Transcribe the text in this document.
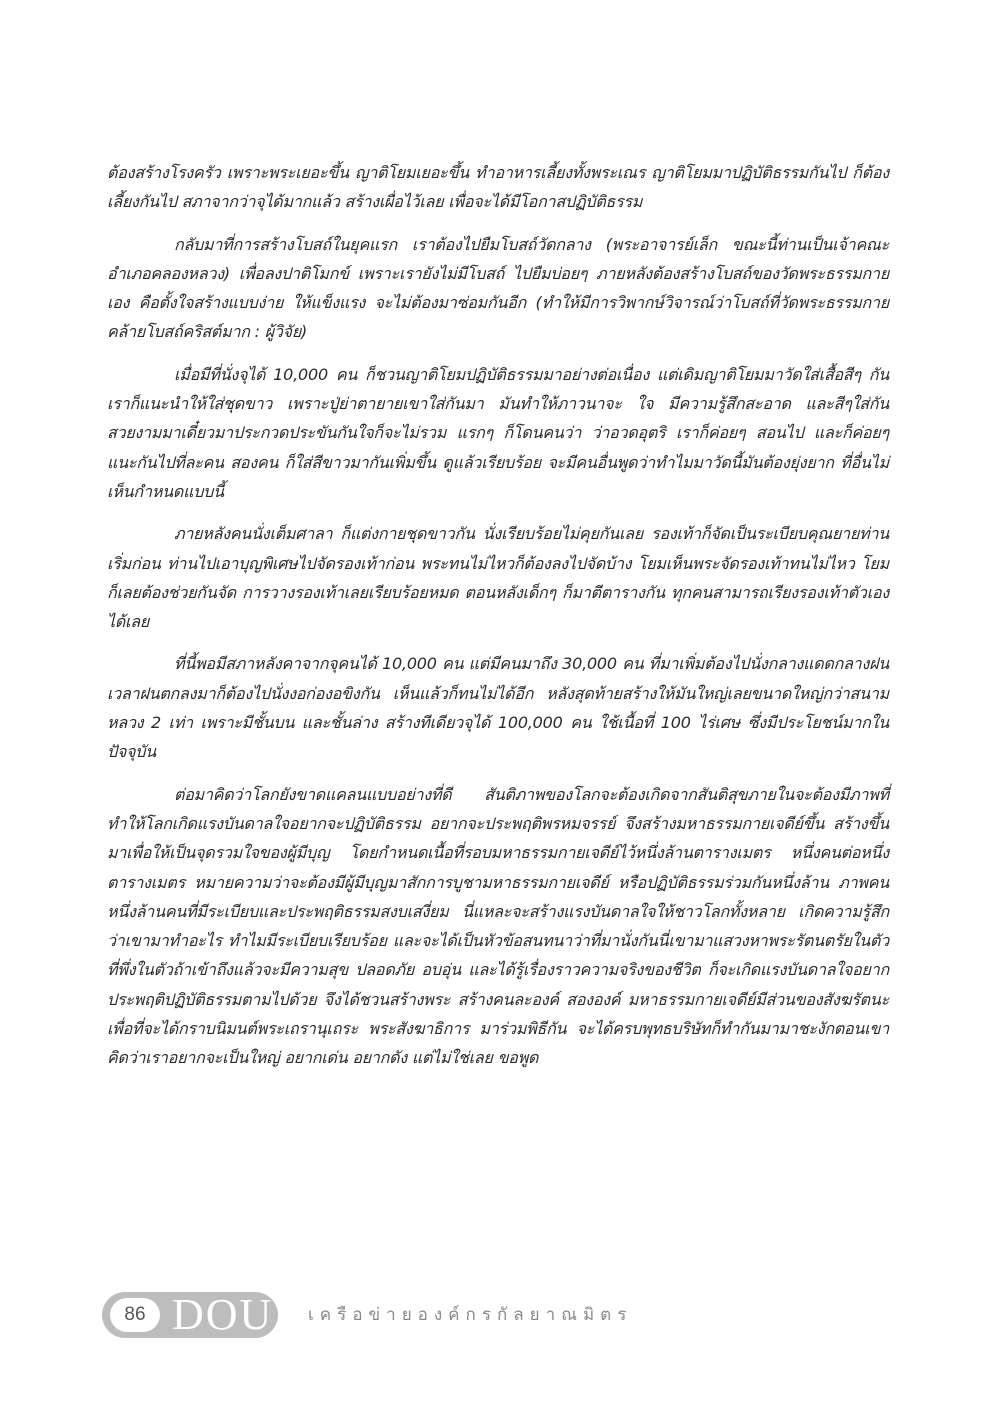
ต้องสร้างโรงครัว เพราะพระเยอะขึ้น ญาติโยมเยอะขึ้น ทำอาหารเลี้ยงทั้งพระเณร ญาติโยมมาปฏิบัติธรรมกันไป ก็ต้องเลี้ยงกันไป สภาจากว่าจุได้มากแล้ว สร้างเผื่อไว้เลย เพื่อจะได้มีโอกาสปฏิบัติธรรม

กลับมาที่การสร้างโบสถ์ในยุคแรก เราต้องไปยืมโบสถ์วัดกลาง (พระอาจารย์เล็ก ขณะนี้ท่านเป็นเจ้าคณะอำเภอคลองหลวง) เพื่อลงปาติโมกข์ เพราะเรายังไม่มีโบสถ์ ไปยืมบ่อยๆ ภายหลังต้องสร้างโบสถ์ของวัดพระธรรมกายเอง คือตั้งใจสร้างแบบง่าย ให้แข็งแรง จะไม่ต้องมาซ่อมกันอีก (ทำให้มีการวิพากษ์วิจารณ์ว่าโบสถ์ที่วัดพระธรรมกายคล้ายโบสถ์คริสต์มาก : ผู้วิจัย)

เมื่อมีที่นั่งจุได้ 10,000 คน ก็ชวนญาติโยมปฏิบัติธรรมมาอย่างต่อเนื่อง แต่เดิมญาติโยมมาวัดใส่เสื้อสีๆ กันเราก็แนะนำให้ใส่ชุดขาว เพราะปู่ย่าตายายเขาใส่กันมา มันทำให้ภาวนาจะ ใจ มีความรู้สึกสะอาด และสีๆใส่กันสวยงามมาเดี๋ยวมาประกวดประขันกันใจก็จะไม่รวม แรกๆ ก็โดนคนว่า ว่าอวดอุตริ เราก็ค่อยๆ สอนไป และก็ค่อยๆ แนะกันไปที่ละคน สองคน ก็ใส่สีขาวมากันเพิ่มขึ้น ดูแล้วเรียบร้อย จะมีคนอื่นพูดว่าทำไมมาวัดนี้มันต้องยุ่งยาก ที่อื่นไม่เห็นกำหนดแบบนี้

ภายหลังคนนั่งเต็มศาลา ก็แต่งกายชุดขาวกัน นั่งเรียบร้อยไม่คุยกันเลย รองเท้าก็จัดเป็นระเบียบคุณยายท่านเริ่มก่อน ท่านไปเอาบุญพิเศษไปจัดรองเท้าก่อน พระทนไม่ไหวก็ต้องลงไปจัดบ้าง โยมเห็นพระจัดรองเท้าทนไม่ไหว โยมก็เลยต้องช่วยกันจัด การวางรองเท้าเลยเรียบร้อยหมด ตอนหลังเด็กๆ ก็มาตีตารางกัน ทุกคนสามารถเรียงรองเท้าตัวเองได้เลย

ที่นี้พอมีสภาหลังคาจากจุคนได้ 10,000 คน แต่มีคนมาถึง 30,000 คน ที่มาเพิ่มต้องไปนั่งกลางแดดกลางฝน เวลาฝนตกลงมาก็ต้องไปนั่งงอก่องอขิงกัน เห็นแล้วก็ทนไม่ได้อีก หลังสุดท้ายสร้างให้มันใหญ่เลยขนาดใหญ่กว่าสนามหลวง 2 เท่า เพราะมีชั้นบน และชั้นล่าง สร้างทีเดียวจุได้ 100,000 คน ใช้เนื้อที่ 100 ไร่เศษ ซึ่งมีประโยชน์มากในปัจจุบัน

ต่อมาคิดว่าโลกยังขาดแคลนแบบอย่างที่ดี สันติภาพของโลกจะต้องเกิดจากสันติสุขภายในจะต้องมีภาพที่ทำให้โลกเกิดแรงบันดาลใจอยากจะปฏิบัติธรรม อยากจะประพฤติพรหมจรรย์ จึงสร้างมหาธรรมกายเจดีย์ขึ้น สร้างขึ้นมาเพื่อให้เป็นจุดรวมใจของผู้มีบุญ โดยกำหนดเนื้อที่รอบมหาธรรมกายเจดีย์ไว้หนึ่งล้านตารางเมตร หนึ่งคนต่อหนึ่งตารางเมตร หมายความว่าจะต้องมีผู้มีบุญมาสักการบูชามหาธรรมกายเจดีย์ หรือปฏิบัติธรรมร่วมกันหนึ่งล้าน ภาพคนหนึ่งล้านคนที่มีระเบียบและประพฤติธรรมสงบเสงี่ยม นี่แหละจะสร้างแรงบันดาลใจให้ชาวโลกทั้งหลาย เกิดความรู้สึกว่าเขามาทำอะไร ทำไมมีระเบียบเรียบร้อย และจะได้เป็นหัวข้อสนทนาว่าที่มานั่งกันนี่เขามาแสวงหาพระรัตนตรัยในตัว ที่พึ่งในตัวถ้าเข้าถึงแล้วจะมีความสุข ปลอดภัย อบอุ่น และได้รู้เรื่องราวความจริงของชีวิต ก็จะเกิดแรงบันดาลใจอยากประพฤติปฏิบัติธรรมตามไปด้วย จึงได้ชวนสร้างพระ สร้างคนละองค์ สององค์ มหาธรรมกายเจดีย์มีส่วนของสังฆรัตนะ เพื่อที่จะได้กราบนิมนต์พระเถรานุเถระ พระสังฆาธิการ มาร่วมพิธีกัน จะได้ครบพุทธบริษัทก็ทำกันมามาชะงักตอนเขาคิดว่าเราอยากจะเป็นใหญ่ อยากเด่น อยากดัง แต่ไม่ใช่เลย ขอพูด

86 DOU เครือข่ายองค์กรกัลยาณมิตร
